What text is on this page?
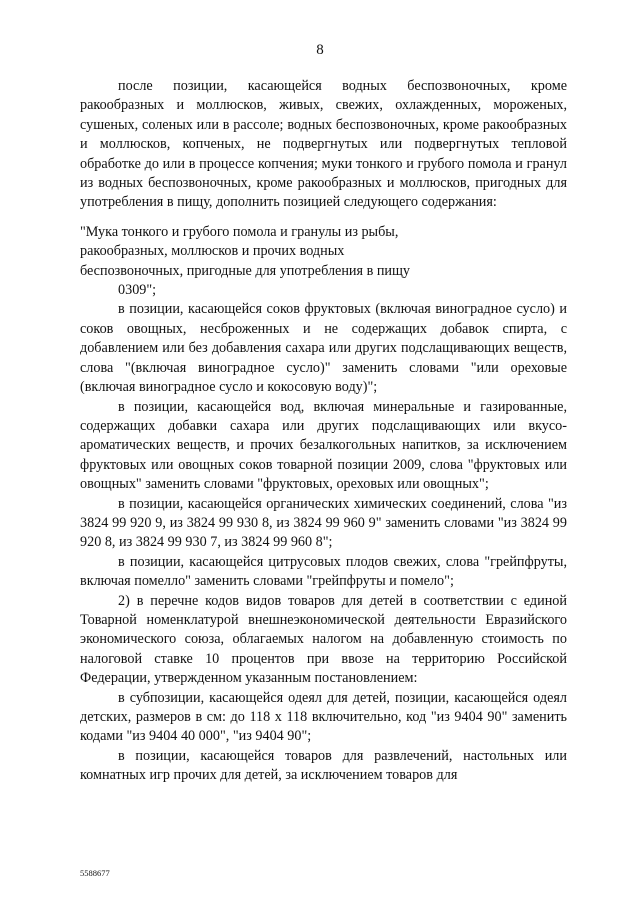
8

после позиции, касающейся водных беспозвоночных, кроме ракообразных и моллюсков, живых, свежих, охлажденных, мороженых, сушеных, соленых или в рассоле; водных беспозвоночных, кроме ракообразных и моллюсков, копченых, не подвергнутых или подвергнутых тепловой обработке до или в процессе копчения; муки тонкого и грубого помола и гранул из водных беспозвоночных, кроме ракообразных и моллюсков, пригодных для употребления в пищу, дополнить позицией следующего содержания:

"Мука тонкого и грубого помола и гранулы из рыбы,
ракообразных, моллюсков и прочих водных
беспозвоночных, пригодные для употребления в пищу
0309";

в позиции, касающейся соков фруктовых (включая виноградное сусло) и соков овощных, несброженных и не содержащих добавок спирта, с добавлением или без добавления сахара или других подслащивающих веществ, слова "(включая виноградное сусло)" заменить словами "или ореховые (включая виноградное сусло и кокосовую воду)";

в позиции, касающейся вод, включая минеральные и газированные, содержащих добавки сахара или других подслащивающих или вкусо-ароматических веществ, и прочих безалкогольных напитков, за исключением фруктовых или овощных соков товарной позиции 2009, слова "фруктовых или овощных" заменить словами "фруктовых, ореховых или овощных";

в позиции, касающейся органических химических соединений, слова "из 3824 99 920 9, из 3824 99 930 8, из 3824 99 960 9" заменить словами "из 3824 99 920 8, из 3824 99 930 7, из 3824 99 960 8";

в позиции, касающейся цитрусовых плодов свежих, слова "грейпфруты, включая помелло" заменить словами "грейпфруты и помело";

2) в перечне кодов видов товаров для детей в соответствии с единой Товарной номенклатурой внешнеэкономической деятельности Евразийского экономического союза, облагаемых налогом на добавленную стоимость по налоговой ставке 10 процентов при ввозе на территорию Российской Федерации, утвержденном указанным постановлением:

в субпозиции, касающейся одеял для детей, позиции, касающейся одеял детских, размеров в см: до 118 x 118 включительно, код "из 9404 90" заменить кодами "из 9404 40 000", "из 9404 90";

в позиции, касающейся товаров для развлечений, настольных или комнатных игр прочих для детей, за исключением товаров для

5588677
